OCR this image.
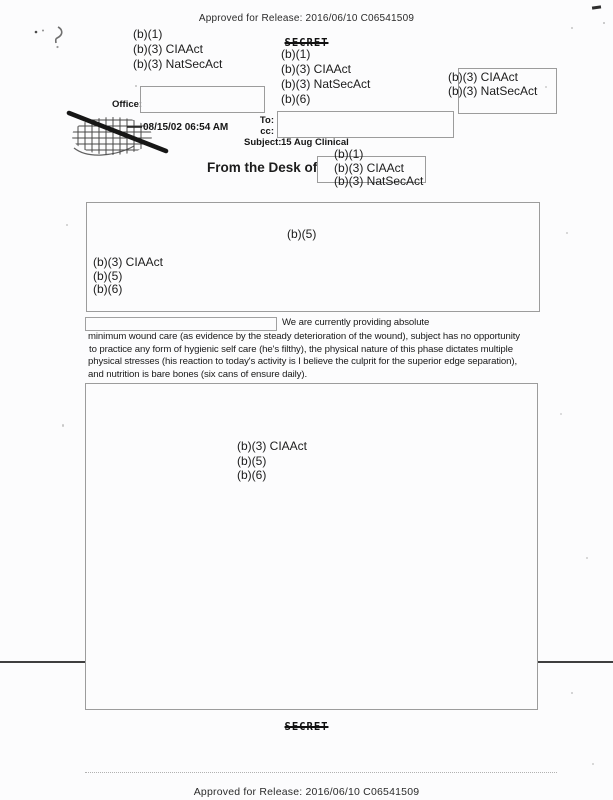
Approved for Release: 2016/06/10 C06541509
(b)(1)
(b)(3) CIAAct
(b)(3) NatSecAct
SECRET
(b)(1)
(b)(3) CIAAct
(b)(3) NatSecAct
(b)(6)
(b)(3) CIAAct
(b)(3) NatSecAct
Office:
08/15/02 06:54 AM
To:
cc:
Subject: 15 Aug Clinical
From the Desk of
(b)(1)
(b)(3) CIAAct
(b)(3) NatSecAct
(b)(5)
(b)(3) CIAAct
(b)(5)
(b)(6)
We are currently providing absolute
minimum wound care (as evidence by the steady deterioration of the wound), subject has no opportunity
to practice any form of hygienic self care (he's filthy), the physical nature of this phase dictates multiple
physical stresses (his reaction to today's activity is I believe the culprit for the superior edge separation),
and nutrition is bare bones (six cans of ensure daily).
(b)(3) CIAAct
(b)(5)
(b)(6)
SECRET
Approved for Release: 2016/06/10 C06541509
